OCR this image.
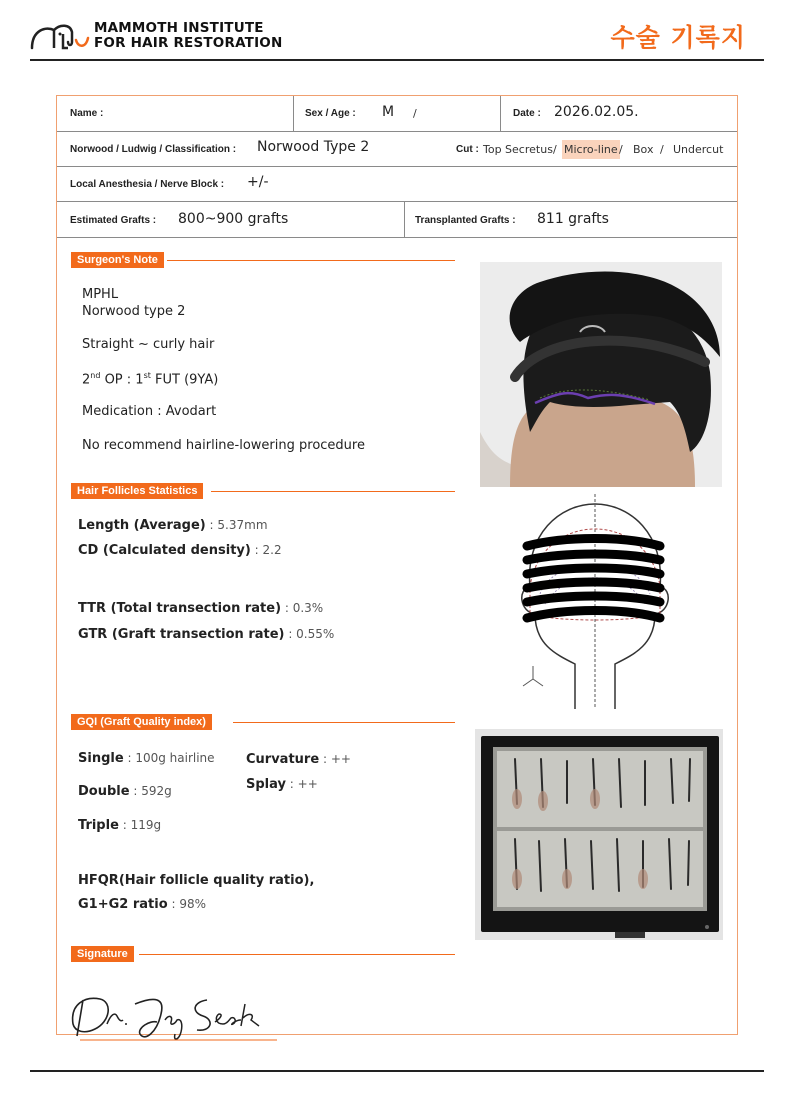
MAMMOTH INSTITUTE
FOR HAIR RESTORATION	수술 기록지
Name :	Sex / Age : M /	Date : 2026.02.05.
Norwood / Ludwig / Classification : Norwood Type 2	Cut : Top Secretus / Micro-line / Box / Undercut
Local Anesthesia / Nerve Block : +/-
Estimated Grafts : 800~900 grafts	Transplanted Grafts : 811 grafts
Surgeon's Note
MPHL
Norwood type 2
Straight ~ curly hair
2nd OP : 1st FUT (9YA)
Medication : Avodart
No recommend hairline-lowering procedure
Hair Follicles Statistics
Length (Average) : 5.37mm
CD (Calculated density) : 2.2
TTR (Total transection rate) : 0.3%
GTR (Graft transection rate) : 0.55%
GQI (Graft Quality index)
Single : 100g hairline
Double : 592g
Triple : 119g
Curvature : ++
Splay : ++
HFQR(Hair follicle quality ratio),
G1+G2 ratio : 98%
Signature
